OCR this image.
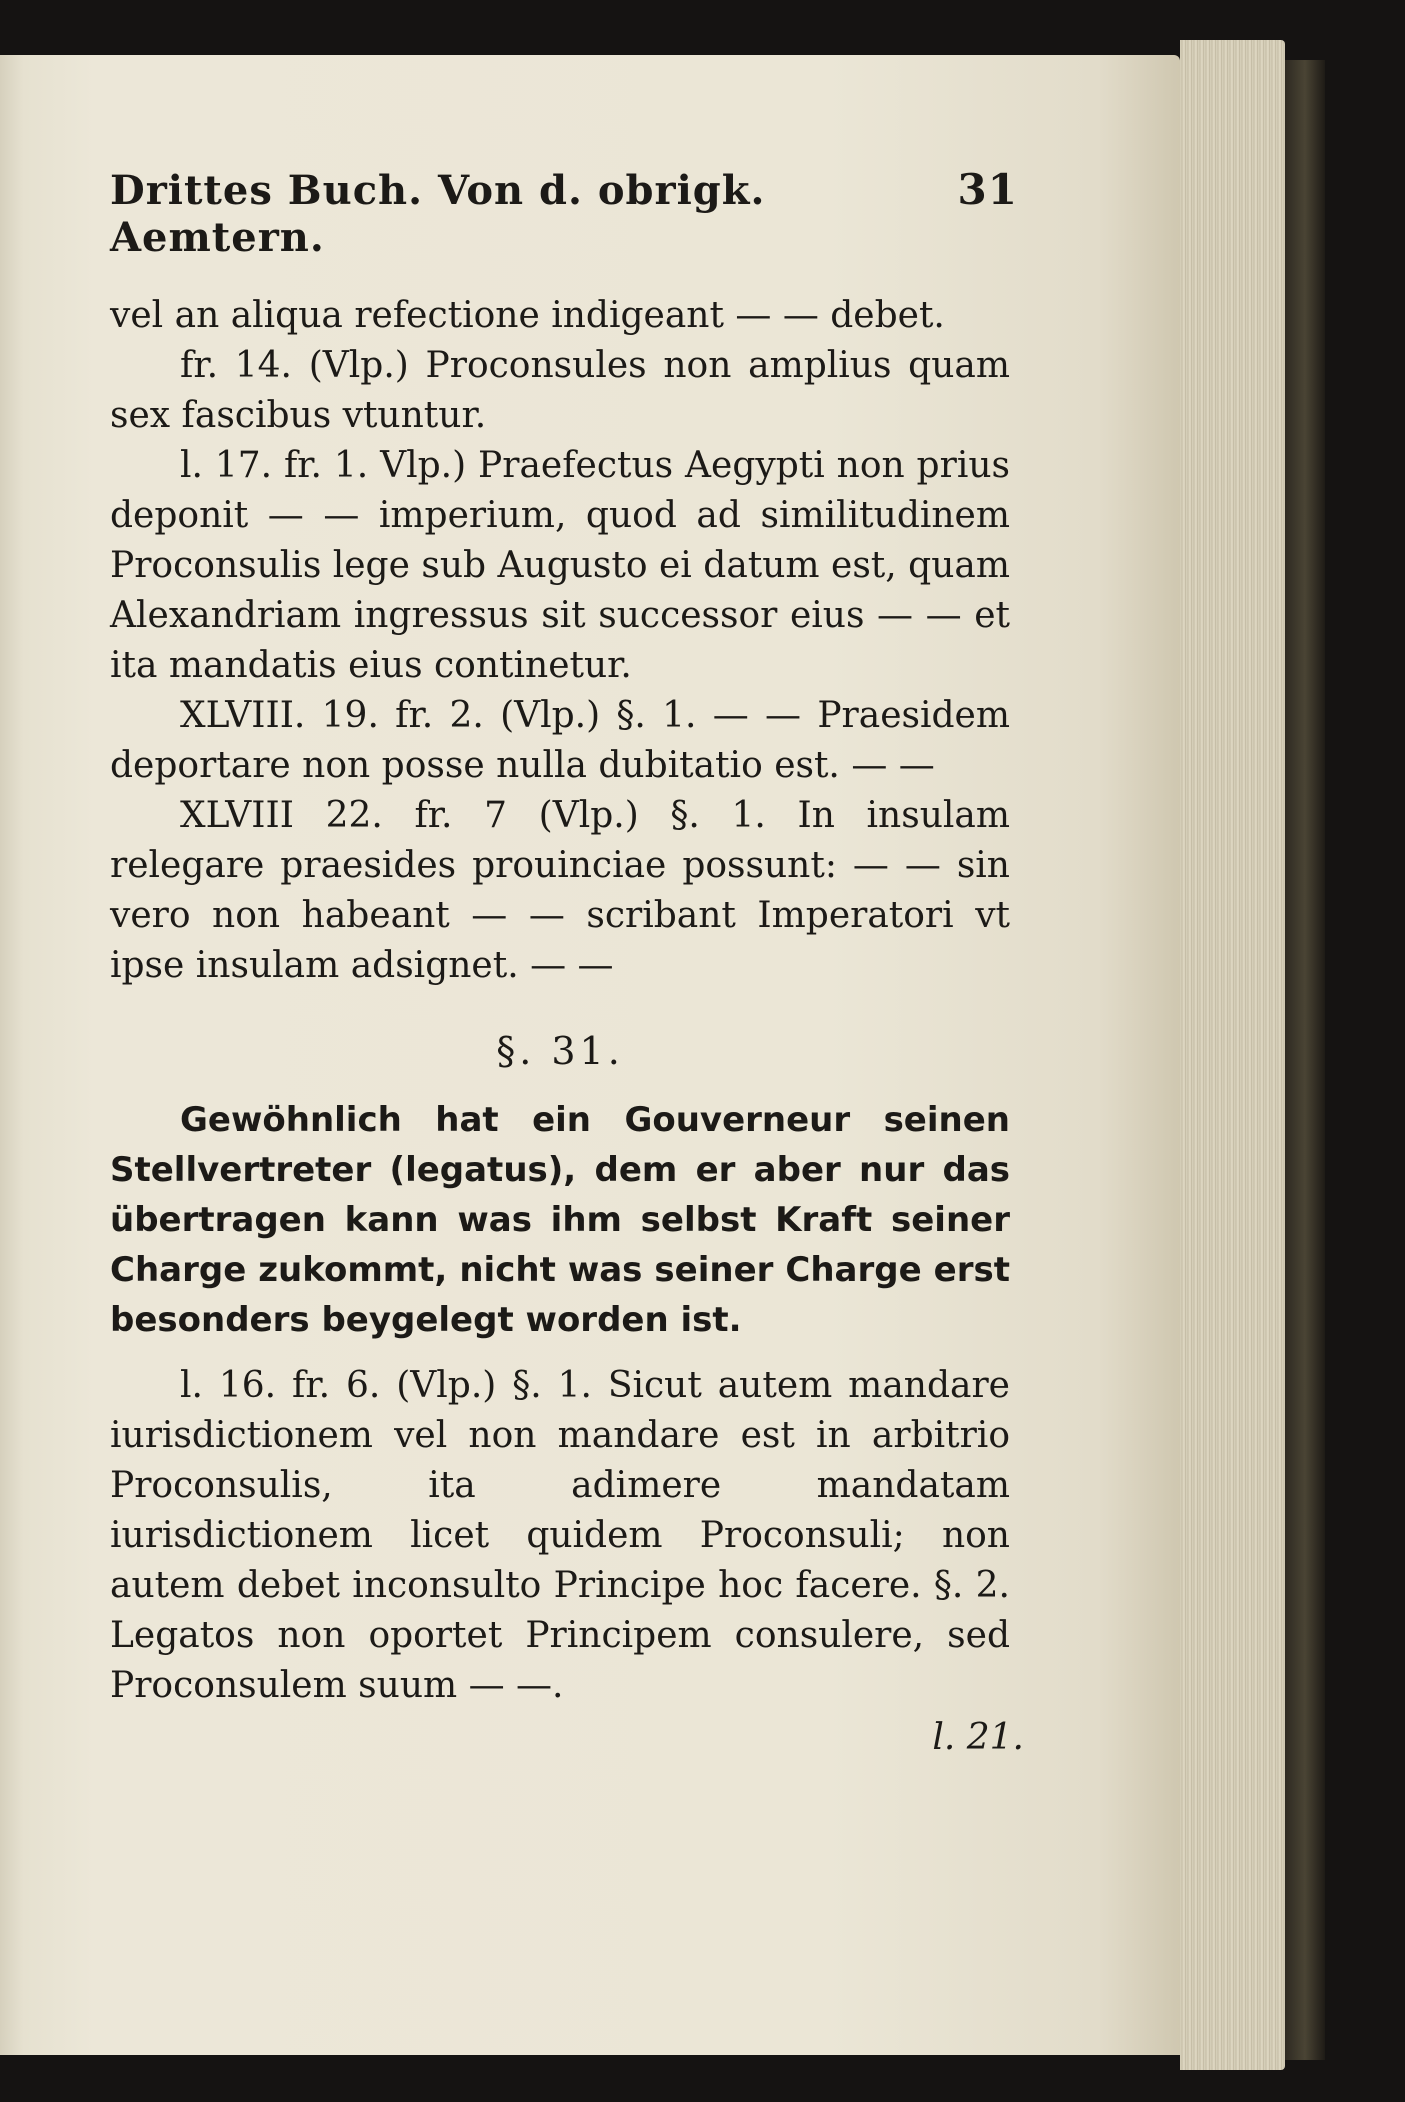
Drittes Buch. Von d. obrigk. Aemtern.
31

vel an aliqua refectione indigeant — — debet.

fr. 14. (Vlp.) Proconsules non amplius quam sex fascibus vtuntur.

l. 17. fr. 1. Vlp.) Praefectus Aegypti non prius deponit — — imperium, quod ad similitudinem Proconsulis lege sub Augusto ei datum est, quam Alexandriam ingressus sit successor eius — — et ita mandatis eius continetur.

XLVIII. 19. fr. 2. (Vlp.) §. 1. — — Praesidem deportare non posse nulla dubitatio est. — —

XLVIII 22. fr. 7 (Vlp.) §. 1. In insulam relegare praesides prouinciae possunt: — — sin vero non habeant — — scribant Imperatori vt ipse insulam adsignet. — —

§. 31.

Gewöhnlich hat ein Gouverneur seinen Stellvertreter (legatus), dem er aber nur das übertragen kann was ihm selbst Kraft seiner Charge zukommt, nicht was seiner Charge erst besonders beygelegt worden ist.

l. 16. fr. 6. (Vlp.) §. 1. Sicut autem mandare iurisdictionem vel non mandare est in arbitrio Proconsulis, ita adimere mandatam iurisdictionem licet quidem Proconsuli; non autem debet inconsulto Principe hoc facere. §. 2. Legatos non oportet Principem consulere, sed Proconsulem suum — —.

l. 21.
